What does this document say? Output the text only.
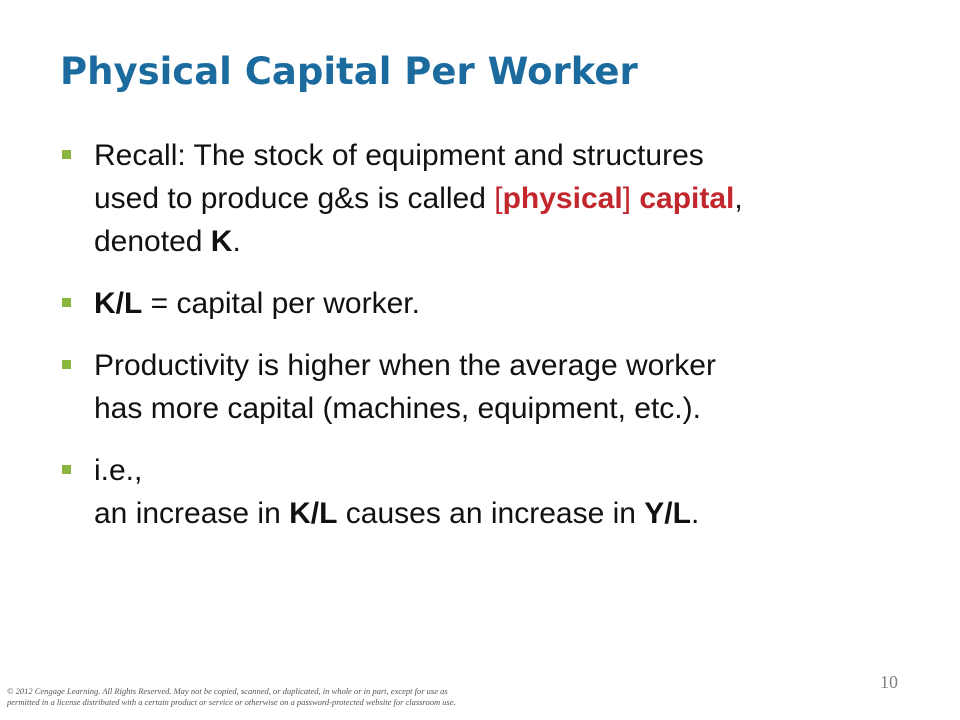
Physical Capital Per Worker
Recall: The stock of equipment and structures
used to produce g&s is called [physical] capital,
denoted K.
K/L = capital per worker.
Productivity is higher when the average worker
has more capital (machines, equipment, etc.).
i.e.,
an increase in K/L causes an increase in Y/L.
© 2012 Cengage Learning. All Rights Reserved. May not be copied, scanned, or duplicated, in whole or in part, except for use as
permitted in a license distributed with a certain product or service or otherwise on a password-protected website for classroom use.
10
